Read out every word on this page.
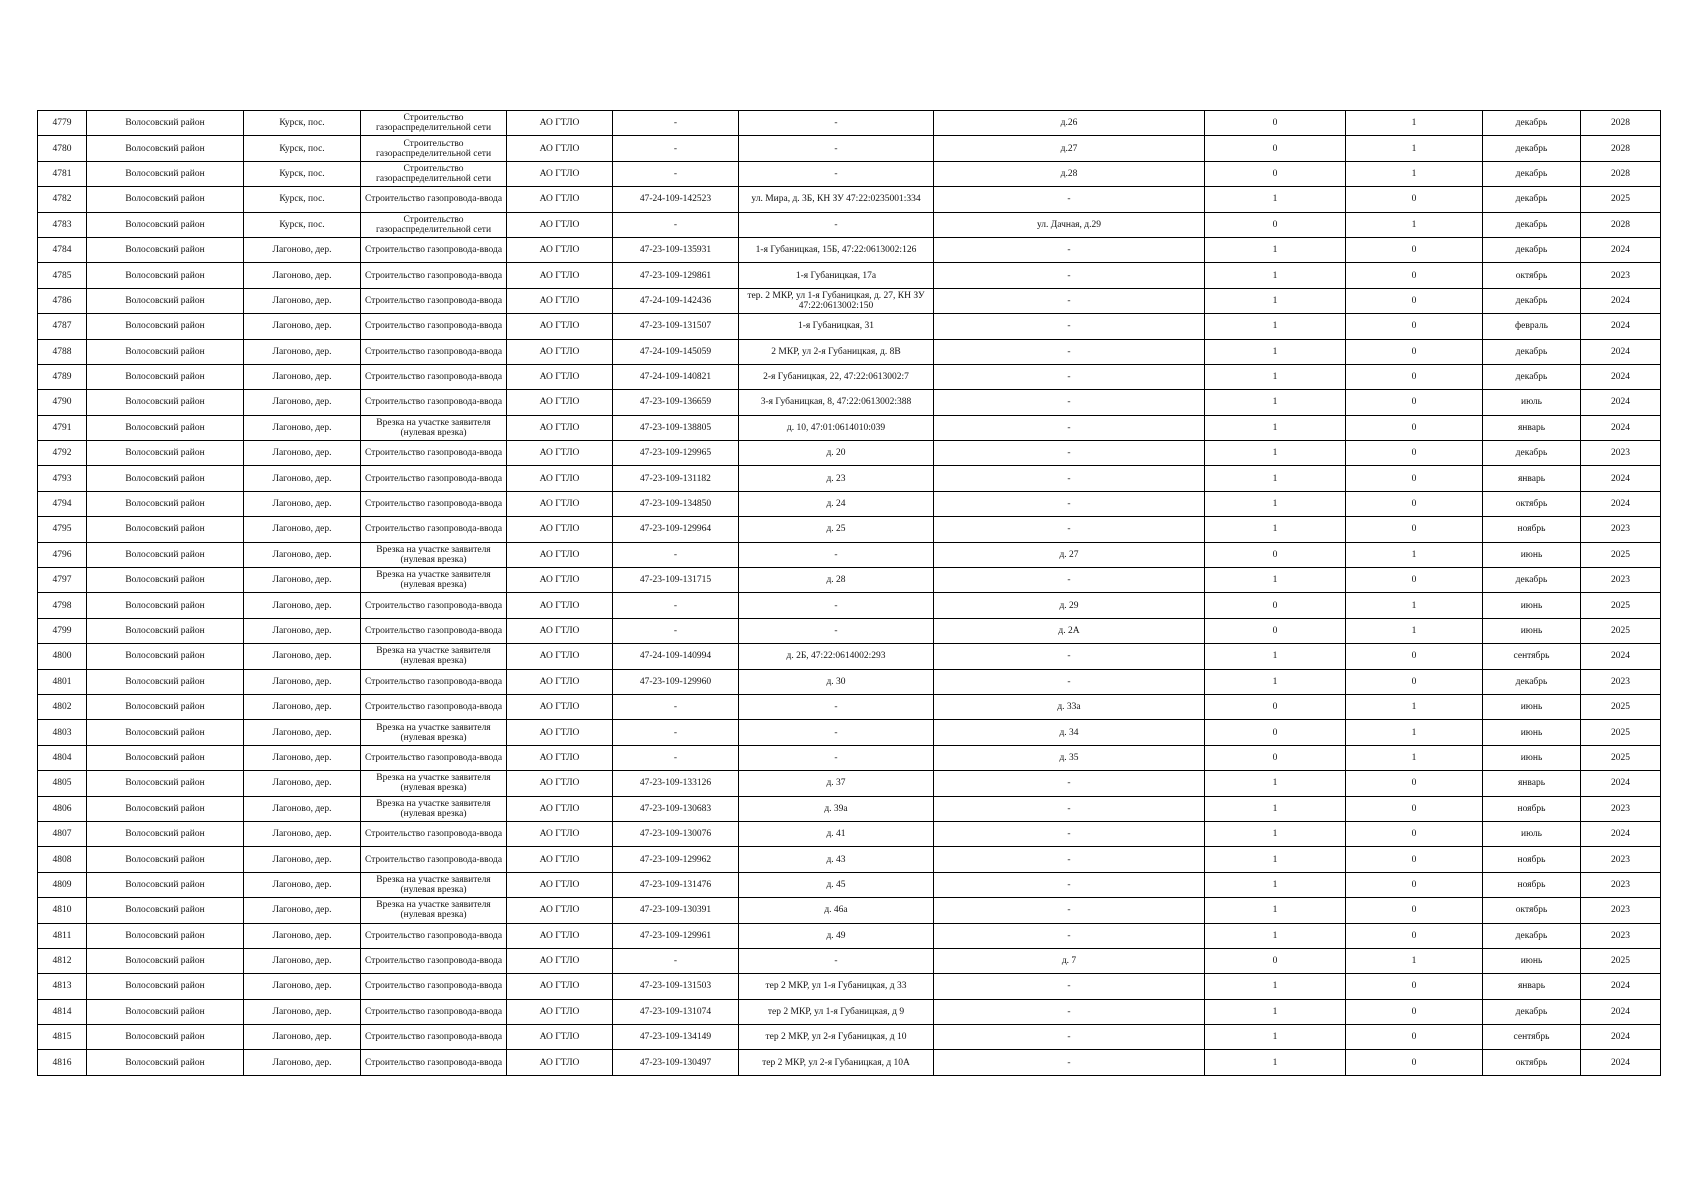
4779	Волосовский район	Курск, пос.	Строительство газораспределительной сети	АО ГТЛО	-	-	д.26	0	1	декабрь	2028
4780	Волосовский район	Курск, пос.	Строительство газораспределительной сети	АО ГТЛО	-	-	д.27	0	1	декабрь	2028
4781	Волосовский район	Курск, пос.	Строительство газораспределительной сети	АО ГТЛО	-	-	д.28	0	1	декабрь	2028
4782	Волосовский район	Курск, пос.	Строительство газопровода-ввода	АО ГТЛО	47-24-109-142523	ул. Мира, д. 3Б, КН ЗУ 47:22:0235001:334	-	1	0	декабрь	2025
4783	Волосовский район	Курск, пос.	Строительство газораспределительной сети	АО ГТЛО	-	-	ул. Дачная, д.29	0	1	декабрь	2028
4784	Волосовский район	Лагоново, дер.	Строительство газопровода-ввода	АО ГТЛО	47-23-109-135931	1-я Губаницкая, 15Б, 47:22:0613002:126	-	1	0	декабрь	2024
4785	Волосовский район	Лагоново, дер.	Строительство газопровода-ввода	АО ГТЛО	47-23-109-129861	1-я Губаницкая, 17а	-	1	0	октябрь	2023
4786	Волосовский район	Лагоново, дер.	Строительство газопровода-ввода	АО ГТЛО	47-24-109-142436	тер. 2 МКР, ул 1-я Губаницкая, д. 27, КН ЗУ 47:22:0613002:150	-	1	0	декабрь	2024
4787	Волосовский район	Лагоново, дер.	Строительство газопровода-ввода	АО ГТЛО	47-23-109-131507	1-я Губаницкая, 31	-	1	0	февраль	2024
4788	Волосовский район	Лагоново, дер.	Строительство газопровода-ввода	АО ГТЛО	47-24-109-145059	2 МКР, ул 2-я Губаницкая, д. 8В	-	1	0	декабрь	2024
4789	Волосовский район	Лагоново, дер.	Строительство газопровода-ввода	АО ГТЛО	47-24-109-140821	2-я Губаницкая, 22, 47:22:0613002:7	-	1	0	декабрь	2024
4790	Волосовский район	Лагоново, дер.	Строительство газопровода-ввода	АО ГТЛО	47-23-109-136659	3-я Губаницкая, 8, 47:22:0613002:388	-	1	0	июль	2024
4791	Волосовский район	Лагоново, дер.	Врезка на участке заявителя (нулевая врезка)	АО ГТЛО	47-23-109-138805	д. 10, 47:01:0614010:039	-	1	0	январь	2024
4792	Волосовский район	Лагоново, дер.	Строительство газопровода-ввода	АО ГТЛО	47-23-109-129965	д. 20	-	1	0	декабрь	2023
4793	Волосовский район	Лагоново, дер.	Строительство газопровода-ввода	АО ГТЛО	47-23-109-131182	д. 23	-	1	0	январь	2024
4794	Волосовский район	Лагоново, дер.	Строительство газопровода-ввода	АО ГТЛО	47-23-109-134850	д. 24	-	1	0	октябрь	2024
4795	Волосовский район	Лагоново, дер.	Строительство газопровода-ввода	АО ГТЛО	47-23-109-129964	д. 25	-	1	0	ноябрь	2023
4796	Волосовский район	Лагоново, дер.	Врезка на участке заявителя (нулевая врезка)	АО ГТЛО	-	-	д. 27	0	1	июнь	2025
4797	Волосовский район	Лагоново, дер.	Врезка на участке заявителя (нулевая врезка)	АО ГТЛО	47-23-109-131715	д. 28	-	1	0	декабрь	2023
4798	Волосовский район	Лагоново, дер.	Строительство газопровода-ввода	АО ГТЛО	-	-	д. 29	0	1	июнь	2025
4799	Волосовский район	Лагоново, дер.	Строительство газопровода-ввода	АО ГТЛО	-	-	д. 2А	0	1	июнь	2025
4800	Волосовский район	Лагоново, дер.	Врезка на участке заявителя (нулевая врезка)	АО ГТЛО	47-24-109-140994	д. 2Б, 47:22:0614002:293	-	1	0	сентябрь	2024
4801	Волосовский район	Лагоново, дер.	Строительство газопровода-ввода	АО ГТЛО	47-23-109-129960	д. 30	-	1	0	декабрь	2023
4802	Волосовский район	Лагоново, дер.	Строительство газопровода-ввода	АО ГТЛО	-	-	д. 33а	0	1	июнь	2025
4803	Волосовский район	Лагоново, дер.	Врезка на участке заявителя (нулевая врезка)	АО ГТЛО	-	-	д. 34	0	1	июнь	2025
4804	Волосовский район	Лагоново, дер.	Строительство газопровода-ввода	АО ГТЛО	-	-	д. 35	0	1	июнь	2025
4805	Волосовский район	Лагоново, дер.	Врезка на участке заявителя (нулевая врезка)	АО ГТЛО	47-23-109-133126	д. 37	-	1	0	январь	2024
4806	Волосовский район	Лагоново, дер.	Врезка на участке заявителя (нулевая врезка)	АО ГТЛО	47-23-109-130683	д. 39а	-	1	0	ноябрь	2023
4807	Волосовский район	Лагоново, дер.	Строительство газопровода-ввода	АО ГТЛО	47-23-109-130076	д. 41	-	1	0	июль	2024
4808	Волосовский район	Лагоново, дер.	Строительство газопровода-ввода	АО ГТЛО	47-23-109-129962	д. 43	-	1	0	ноябрь	2023
4809	Волосовский район	Лагоново, дер.	Врезка на участке заявителя (нулевая врезка)	АО ГТЛО	47-23-109-131476	д. 45	-	1	0	ноябрь	2023
4810	Волосовский район	Лагоново, дер.	Врезка на участке заявителя (нулевая врезка)	АО ГТЛО	47-23-109-130391	д. 46а	-	1	0	октябрь	2023
4811	Волосовский район	Лагоново, дер.	Строительство газопровода-ввода	АО ГТЛО	47-23-109-129961	д. 49	-	1	0	декабрь	2023
4812	Волосовский район	Лагоново, дер.	Строительство газопровода-ввода	АО ГТЛО	-	-	д. 7	0	1	июнь	2025
4813	Волосовский район	Лагоново, дер.	Строительство газопровода-ввода	АО ГТЛО	47-23-109-131503	тер 2 МКР, ул 1-я Губаницкая, д 33	-	1	0	январь	2024
4814	Волосовский район	Лагоново, дер.	Строительство газопровода-ввода	АО ГТЛО	47-23-109-131074	тер 2 МКР, ул 1-я Губаницкая, д 9	-	1	0	декабрь	2024
4815	Волосовский район	Лагоново, дер.	Строительство газопровода-ввода	АО ГТЛО	47-23-109-134149	тер 2 МКР, ул 2-я Губаницкая, д 10	-	1	0	сентябрь	2024
4816	Волосовский район	Лагоново, дер.	Строительство газопровода-ввода	АО ГТЛО	47-23-109-130497	тер 2 МКР, ул 2-я Губаницкая, д 10А	-	1	0	октябрь	2024
